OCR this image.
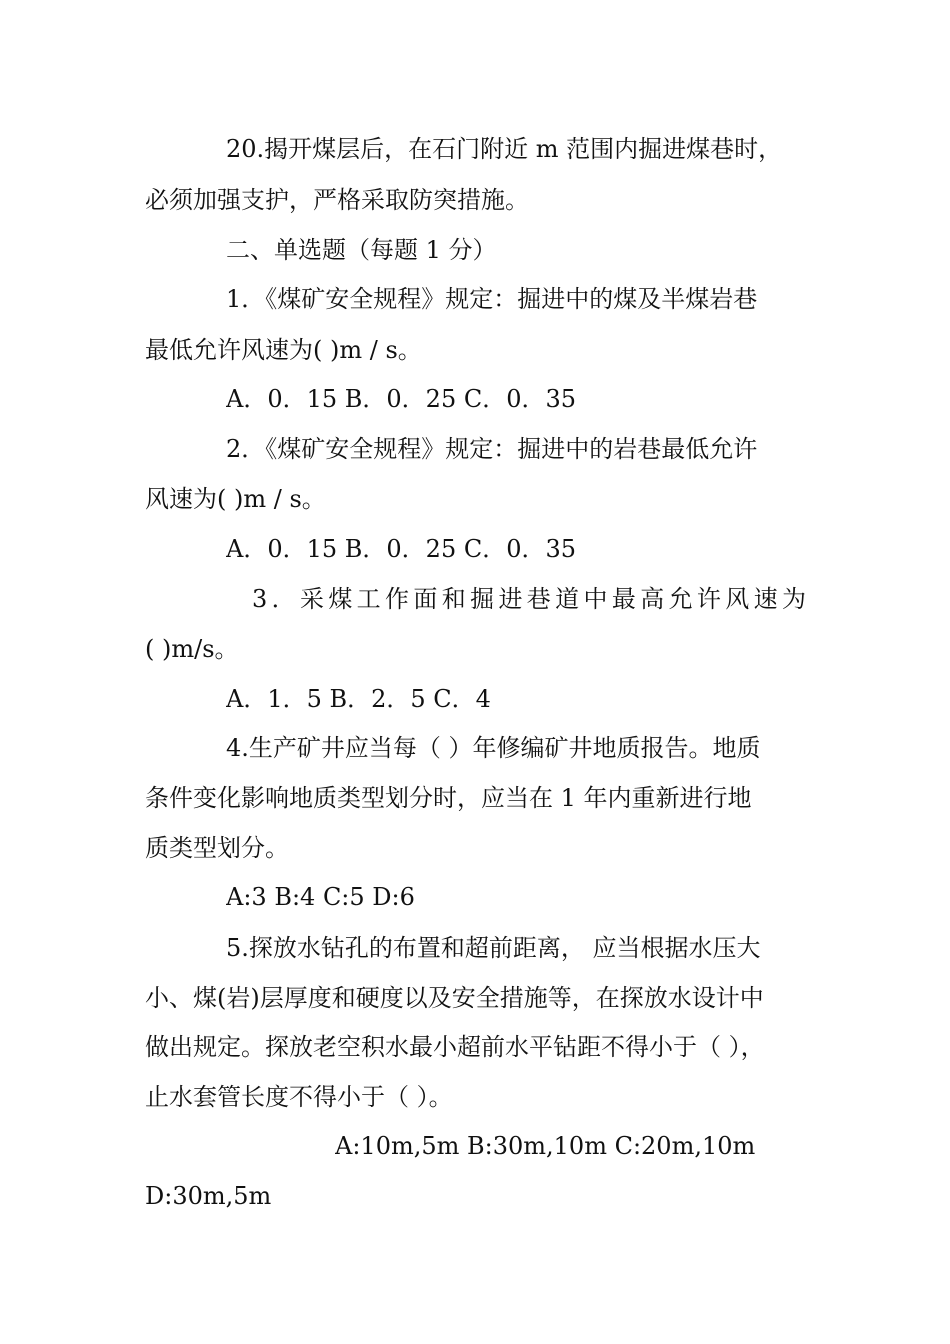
20.揭开煤层后，在石门附近 m 范围内掘进煤巷时，
必须加强支护，严格采取防突措施。
二、单选题（每题 1 分）
1．《煤矿安全规程》规定：掘进中的煤及半煤岩巷
最低允许风速为( )m / s。
A．0．15 B．0．25 C．0．35
2．《煤矿安全规程》规定：掘进中的岩巷最低允许
风速为( )m / s。
A．0．15 B．0．25 C．0．35
3．采煤工作面和掘进巷道中最高允许风速为
( )m/s。
A．1．5 B．2．5 C．4
4.生产矿井应当每（ ）年修编矿井地质报告。地质
条件变化影响地质类型划分时，应当在 1 年内重新进行地
质类型划分。
A:3 B:4 C:5 D:6
5.探放水钻孔的布置和超前距离， 应当根据水压大
小、煤(岩)层厚度和硬度以及安全措施等，在探放水设计中
做出规定。探放老空积水最小超前水平钻距不得小于（ ），
止水套管长度不得小于（ ）。
A:10m,5m B:30m,10m C:20m,10m
D:30m,5m
